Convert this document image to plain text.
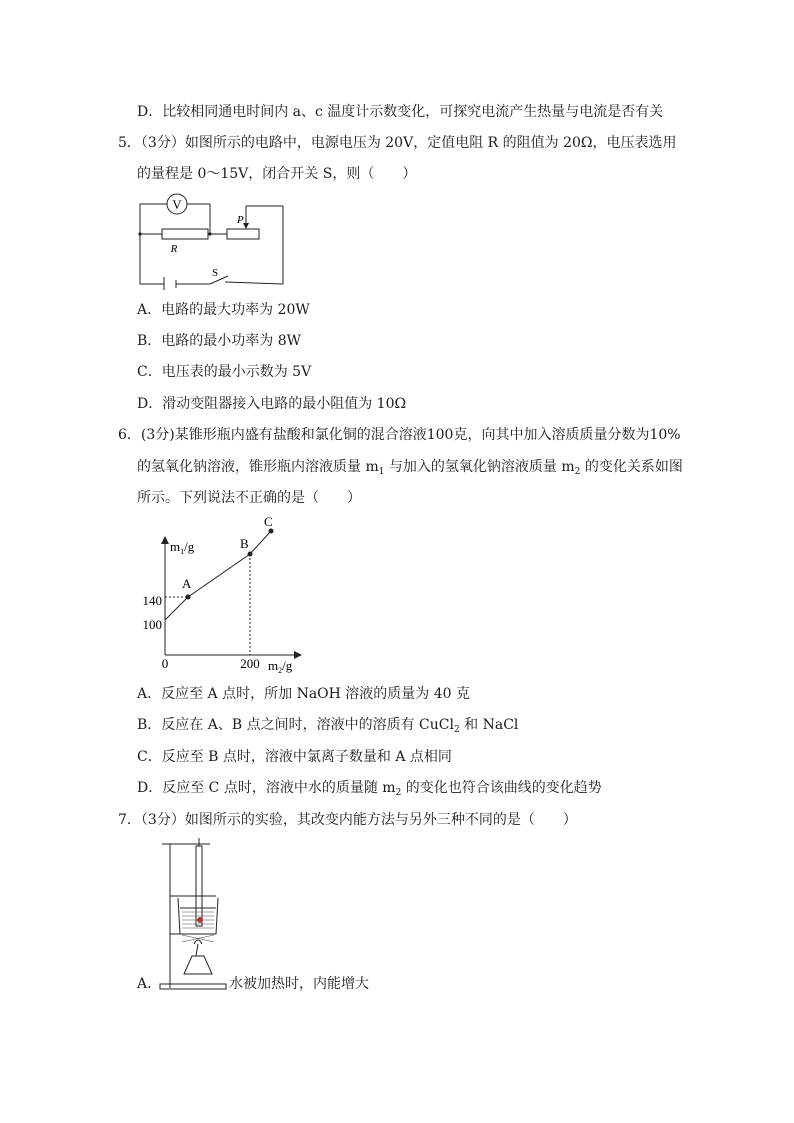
D．比较相同通电时间内 a、c 温度计示数变化，可探究电流产生热量与电流是否有关
5．（3分）如图所示的电路中，电源电压为 20V，定值电阻 R 的阻值为 20Ω，电压表选用
的量程是 0～15V，闭合开关 S，则（　　）
V
R
P
S
A．电路的最大功率为 20W
B．电路的最小功率为 8W
C．电压表的最小示数为 5V
D．滑动变阻器接入电路的最小阻值为 10Ω
6．(3分)某锥形瓶内盛有盐酸和氯化铜的混合溶液100克，向其中加入溶质质量分数为10%
的氢氧化钠溶液，锥形瓶内溶液质量 $m_1$ 与加入的氢氧化钠溶液质量 $m_2$ 的变化关系如图
所示。下列说法不正确的是（　　）
$m_1/g$
$m_2/g$
0
100
140
200
A
B
C
A．反应至 A 点时，所加 NaOH 溶液的质量为 40 克
B．反应在 A、B 点之间时，溶液中的溶质有 CuCl$_2$ 和 NaCl
C．反应至 B 点时，溶液中氯离子数量和 A 点相同
D．反应至 C 点时，溶液中水的质量随 $m_2$ 的变化也符合该曲线的变化趋势
7．（3分）如图所示的实验，其改变内能方法与另外三种不同的是（　　）
A．	水被加热时，内能增大
